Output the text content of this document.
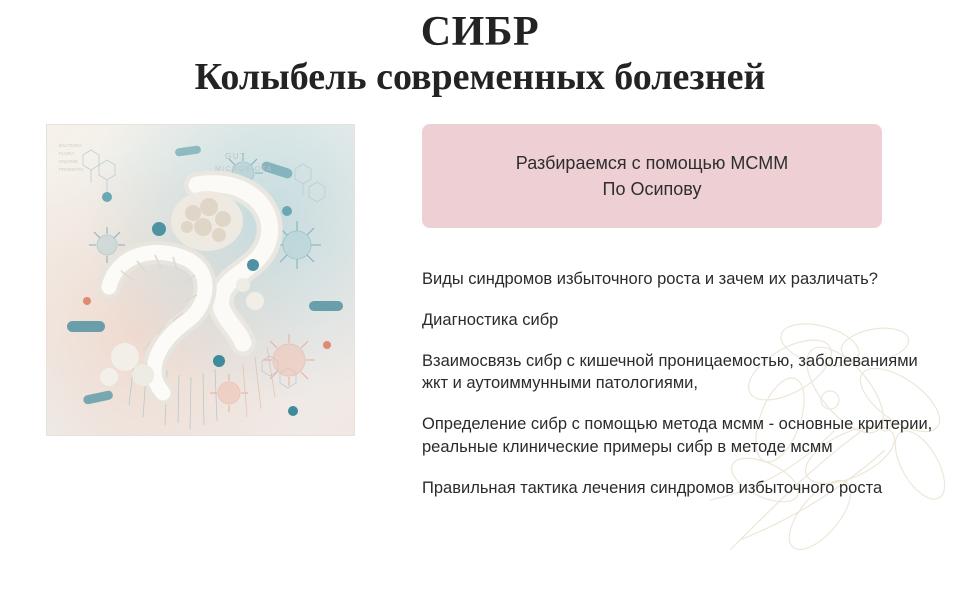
СИБР
Колыбель современных болезней
GUT
MICROBIOTA
BACTERIA
FLORA
ENZYME
PROBIOTIC	Разбираемся с помощью МСММ
По Осипову
Виды синдромов избыточного роста и зачем их различать?
Диагностика сибр
Взаимосвязь сибр с кишечной проницаемостью, заболеваниями жкт и аутоиммунными патологиями,
Определение сибр с помощью метода мсмм - основные критерии, реальные клинические примеры сибр в методе мсмм
Правильная тактика лечения синдромов избыточного роста
